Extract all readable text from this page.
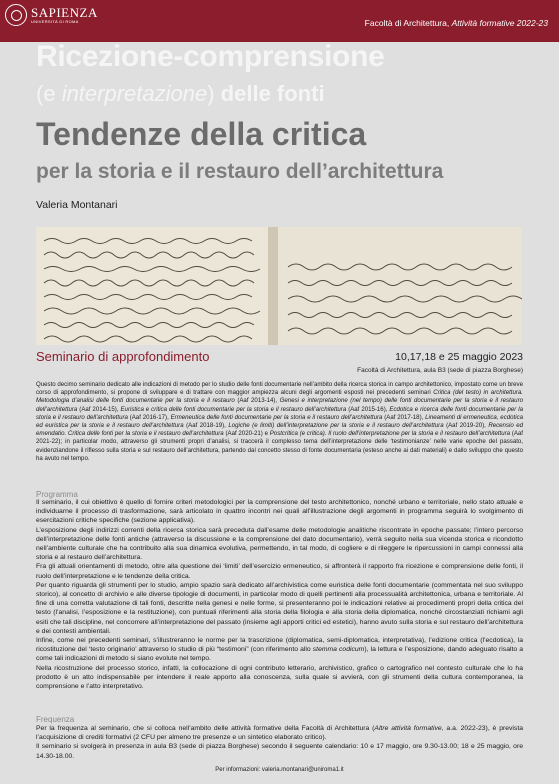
SAPIENZA
UNIVERSITÀ DI ROMA	Facoltà di Architettura, Attività formative 2022-23
Ricezione-comprensione
(e interpretazione) delle fonti
Tendenze della critica
per la storia e il restauro dell’architettura
Valeria Montanari
Seminario di approfondimento	10,17,18 e 25 maggio 2023
Facoltà di Architettura, aula B3 (sede di piazza Borghese)
Questo decimo seminario dedicato alle indicazioni di metodo per lo studio delle fonti documentarie nell’ambito della ricerca storica in campo architettonico, impostato come un breve corso di approfondimento, si propone di sviluppare e di trattare con maggior ampiezza alcuni degli argomenti esposti nei precedenti seminari Critica (del testo) in architettura. Metodologia d’analisi delle fonti documentarie per la storia e il restauro (Aaf 2013-14), Genesi e interpretazione (nel tempo) delle fonti documentarie per la storia e il restauro dell’architettura (Aaf 2014-15), Euristica e critica delle fonti documentarie per la storia e il restauro dell’architettura (Aaf 2015-16), Ecdotica e ricerca delle fonti documentarie per la storia e il restauro dell’architettura (Aaf 2016-17), Ermeneutica delle fonti documentarie per la storia e il restauro dell’architettura (Aaf 2017-18), Lineamenti di ermeneutica, ecdotica ed euristica per la storia e il restauro dell’architettura (Aaf 2018-19), Logiche (e limiti) dell’interpretazione per la storia e il restauro dell’architettura (Aaf 2019-20), Recensio ed emendatio. Critica delle fonti per la storia e il restauro dell’architettura (Aaf 2020-21) e Postcritica (e critica). Il ruolo dell’interpretazione per la storia e il restauro dell’architettura (Aaf 2021-22); in particolar modo, attraverso gli strumenti propri d’analisi, si traccerà il complesso tema dell’interpretazione delle ‘testimonianze’ nelle varie epoche del passato, evidenziandone il riflesso sulla storia e sul restauro dell’architettura, partendo dal concetto stesso di fonte documentaria (esteso anche ai dati materiali) e dallo sviluppo che questo ha avuto nel tempo.
Programma

Il seminario, il cui obiettivo è quello di fornire criteri metodologici per la comprensione del testo architettonico, nonché urbano e territoriale, nello stato attuale e individuarne il processo di trasformazione, sarà articolato in quattro incontri nei quali all’illustrazione degli argomenti in programma seguirà lo svolgimento di esercitazioni critiche specifiche (sezione applicativa).

L’esposizione degli indirizzi correnti della ricerca storica sarà preceduta dall’esame delle metodologie analitiche riscontrate in epoche passate; l’intero percorso dell’interpretazione delle fonti antiche (attraverso la discussione e la comprensione del dato documentario), verrà seguito nella sua vicenda storica e ricondotto nell’ambiente culturale che ha contribuito alla sua dinamica evolutiva, permettendo, in tal modo, di cogliere e di rileggere le ripercussioni in campi connessi alla storia e al restauro dell’architettura.

Fra gli attuali orientamenti di metodo, oltre alla questione dei ‘limiti’ dell’esercizio ermeneutico, si affronterà il rapporto fra ricezione e comprensione delle fonti, il ruolo dell’interpretazione e le tendenze della critica.

Per quanto riguarda gli strumenti per lo studio, ampio spazio sarà dedicato all’archivistica come euristica delle fonti documentarie (commentata nel suo sviluppo storico), al concetto di archivio e alle diverse tipologie di documenti, in particolar modo di quelli pertinenti alla processualità architettonica, urbana e territoriale. Al fine di una corretta valutazione di tali fonti, descritte nella genesi e nelle forme, si presenteranno poi le indicazioni relative ai procedimenti propri della critica del testo (l’analisi, l’esposizione e la restituzione), con puntuali riferimenti alla storia della filologia e alla storia della diplomatica, nonché circostanziati richiami agli esiti che tali discipline, nel concorrere all’interpretazione del passato (insieme agli apporti critici ed estetici), hanno avuto sulla storia e sul restauro dell’architettura e dei contesti ambientali.

Infine, come nei precedenti seminari, s’illustreranno le norme per la trascrizione (diplomatica, semi-diplomatica, interpretativa), l’edizione critica (l’ecdotica), la ricostituzione del ‘testo originario’ attraverso lo studio di più “testimoni” (con riferimento allo stemma codicum), la lettura e l’esposizione, dando adeguato risalto a come tali indicazioni di metodo si siano evolute nel tempo.

Nella ricostruzione del processo storico, infatti, la collocazione di ogni contributo letterario, archivistico, grafico o cartografico nel contesto culturale che lo ha prodotto è un atto indispensabile per intendere il reale apporto alla conoscenza, sulla quale si avvierà, con gli strumenti della cultura contemporanea, la comprensione e l’atto interpretativo.

Frequenza

Per la frequenza al seminario, che si colloca nell’ambito delle attività formative della Facoltà di Architettura (Altre attività formative, a.a. 2022-23), è prevista l’acquisizione di crediti formativi (2 CFU per almeno tre presenze e un sintetico elaborato critico).

Il seminario si svolgerà in presenza in aula B3 (sede di piazza Borghese) secondo il seguente calendario: 10 e 17 maggio, ore 9.30-13.00; 18 e 25 maggio, ore 14.30-18.00.

Per informazioni: valeria.montanari@uniroma1.it
